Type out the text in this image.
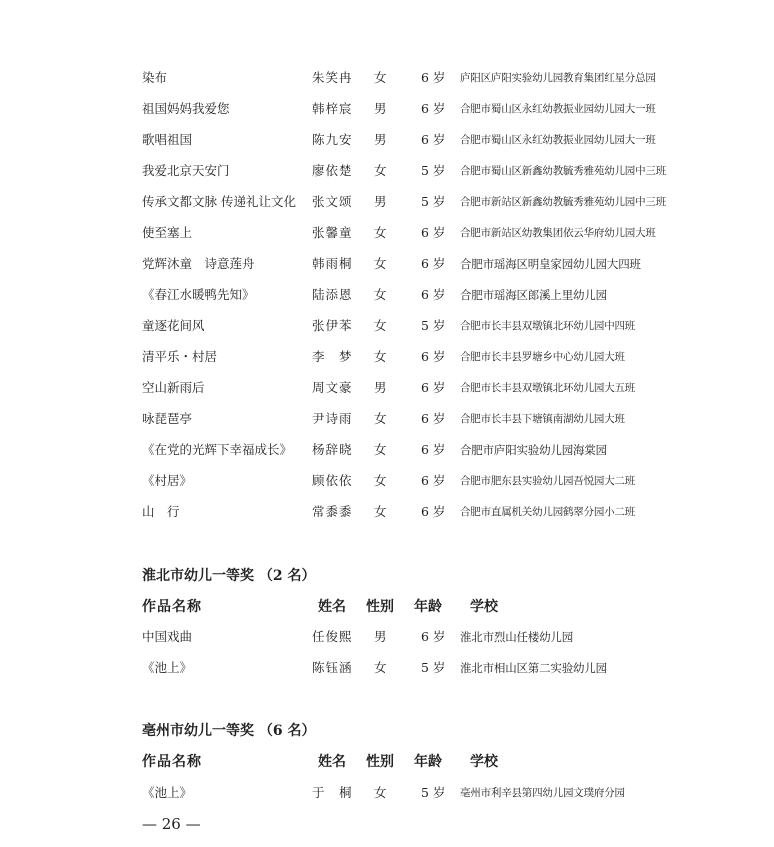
染布	朱笑冉 女	6 岁 庐阳区庐阳实验幼儿园教育集团红星分总园
祖国妈妈我爱您	韩梓宸 男	6 岁 合肥市蜀山区永红幼教振业园幼儿园大一班
歌唱祖国	陈九安 男	6 岁 合肥市蜀山区永红幼教振业园幼儿园大一班
我爱北京天安门	廖依楚 女	5 岁 合肥市蜀山区新鑫幼教毓秀雅苑幼儿园中三班
传承文都文脉 传递礼让文化 张文颂 男	5 岁 合肥市新站区新鑫幼教毓秀雅苑幼儿园中三班
使至塞上	张馨童 女	6 岁 合肥市新站区幼教集团依云华府幼儿园大班
党辉沐童　诗意莲舟	韩雨桐 女	6 岁 合肥市瑶海区明皇家园幼儿园大四班
《春江水暖鸭先知》	陆添恩 女	6 岁 合肥市瑶海区郎溪上里幼儿园
童逐花间风	张伊苯 女	5 岁 合肥市长丰县双墩镇北环幼儿园中四班
清平乐・村居	李　梦 女	6 岁 合肥市长丰县罗塘乡中心幼儿园大班
空山新雨后	周文豪 男	6 岁 合肥市长丰县双墩镇北环幼儿园大五班
咏琵琶亭	尹诗雨 女	6 岁 合肥市长丰县下塘镇南湖幼儿园大班
《在党的光辉下幸福成长》 杨辞晓 女	6 岁 合肥市庐阳实验幼儿园海棠园
《村居》	顾依依 女	6 岁 合肥市肥东县实验幼儿园吾悦园大二班
山　行	常黍黍 女	6 岁 合肥市直属机关幼儿园鹤翠分园小二班
淮北市幼儿一等奖 （2 名）
作品名称	姓名 性别 年龄 学校
中国戏曲	任俊熙 男	6 岁 淮北市烈山任楼幼儿园
《池上》	陈钰涵 女	5 岁 淮北市相山区第二实验幼儿园
亳州市幼儿一等奖 （6 名）
作品名称	姓名 性别 年龄 学校
《池上》	于　桐 女	5 岁 亳州市利辛县第四幼儿园文璞府分园
— 26 —
